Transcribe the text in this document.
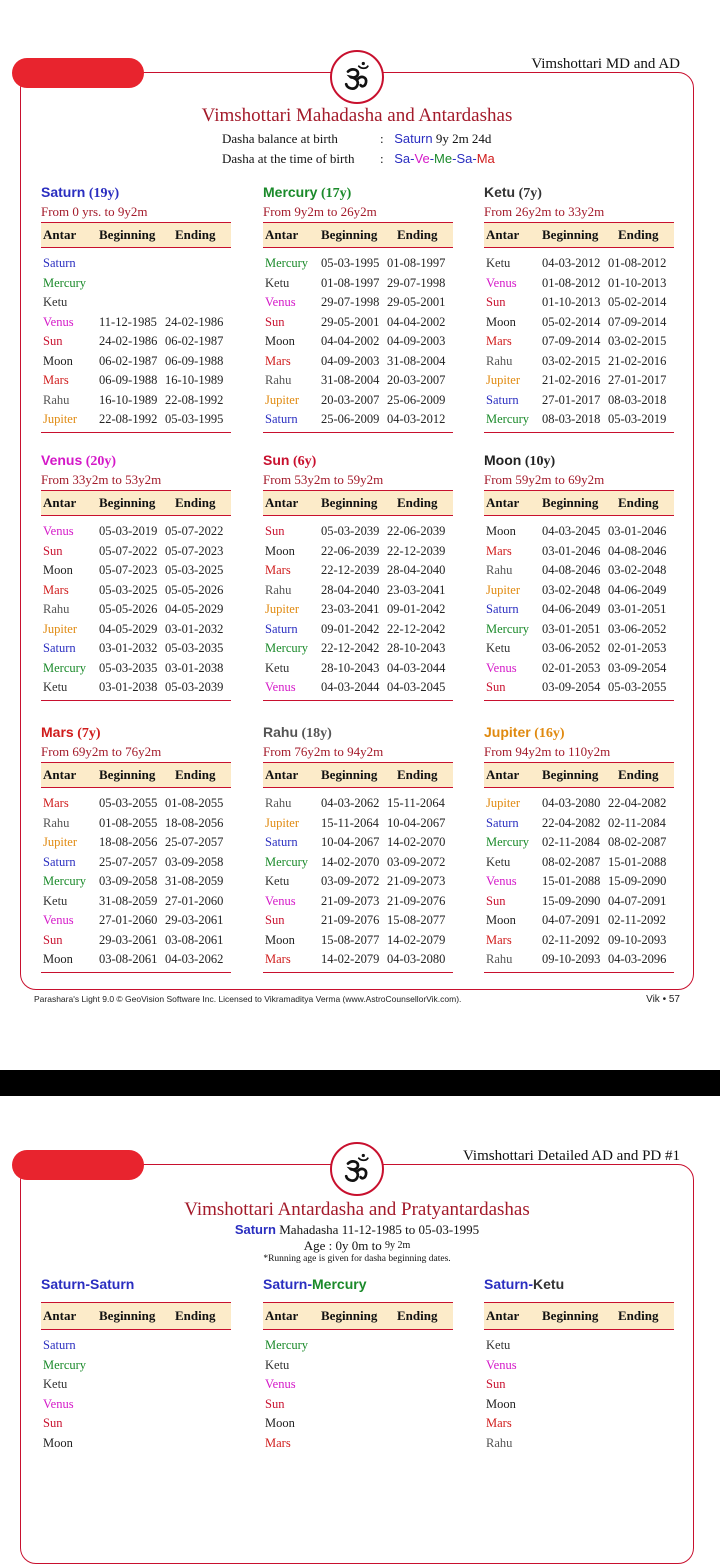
Vimshottari MD and AD
Vimshottari Mahadasha and Antardashas
Dasha balance at birth	: Saturn 9y 2m 24d
Dasha at the time of birth : Sa-Ve-Me-Sa-Ma
Saturn (19y)
From 0 yrs. to 9y2m
Antar	Beginning	Ending
Saturn
Mercury
Ketu
Venus	11-12-1985 24-02-1986
Sun	24-02-1986 06-02-1987
Moon	06-02-1987 06-09-1988
Mars	06-09-1988 16-10-1989
Rahu	16-10-1989 22-08-1992
Jupiter	22-08-1992 05-03-1995
Mercury (17y)
From 9y2m to 26y2m
Antar	Beginning	Ending
Mercury	05-03-1995 01-08-1997
Ketu	01-08-1997 29-07-1998
Venus	29-07-1998 29-05-2001
Sun	29-05-2001 04-04-2002
Moon	04-04-2002 04-09-2003
Mars	04-09-2003 31-08-2004
Rahu	31-08-2004 20-03-2007
Jupiter	20-03-2007 25-06-2009
Saturn	25-06-2009 04-03-2012
Ketu (7y)
From 26y2m to 33y2m
Antar	Beginning	Ending
Ketu	04-03-2012 01-08-2012
Venus	01-08-2012 01-10-2013
Sun	01-10-2013 05-02-2014
Moon	05-02-2014 07-09-2014
Mars	07-09-2014 03-02-2015
Rahu	03-02-2015 21-02-2016
Jupiter	21-02-2016 27-01-2017
Saturn	27-01-2017 08-03-2018
Mercury	08-03-2018 05-03-2019
Venus (20y)
From 33y2m to 53y2m
Antar	Beginning	Ending
Venus	05-03-2019 05-07-2022
Sun	05-07-2022 05-07-2023
Moon	05-07-2023 05-03-2025
Mars	05-03-2025 05-05-2026
Rahu	05-05-2026 04-05-2029
Jupiter	04-05-2029 03-01-2032
Saturn	03-01-2032 05-03-2035
Mercury	05-03-2035 03-01-2038
Ketu	03-01-2038 05-03-2039
Sun (6y)
From 53y2m to 59y2m
Antar	Beginning	Ending
Sun	05-03-2039 22-06-2039
Moon	22-06-2039 22-12-2039
Mars	22-12-2039 28-04-2040
Rahu	28-04-2040 23-03-2041
Jupiter	23-03-2041 09-01-2042
Saturn	09-01-2042 22-12-2042
Mercury	22-12-2042 28-10-2043
Ketu	28-10-2043 04-03-2044
Venus	04-03-2044 04-03-2045
Moon (10y)
From 59y2m to 69y2m
Antar	Beginning	Ending
Moon	04-03-2045 03-01-2046
Mars	03-01-2046 04-08-2046
Rahu	04-08-2046 03-02-2048
Jupiter	03-02-2048 04-06-2049
Saturn	04-06-2049 03-01-2051
Mercury	03-01-2051 03-06-2052
Ketu	03-06-2052 02-01-2053
Venus	02-01-2053 03-09-2054
Sun	03-09-2054 05-03-2055
Mars (7y)
From 69y2m to 76y2m
Antar	Beginning	Ending
Mars	05-03-2055 01-08-2055
Rahu	01-08-2055 18-08-2056
Jupiter	18-08-2056 25-07-2057
Saturn	25-07-2057 03-09-2058
Mercury	03-09-2058 31-08-2059
Ketu	31-08-2059 27-01-2060
Venus	27-01-2060 29-03-2061
Sun	29-03-2061 03-08-2061
Moon	03-08-2061 04-03-2062
Rahu (18y)
From 76y2m to 94y2m
Antar	Beginning	Ending
Rahu	04-03-2062 15-11-2064
Jupiter	15-11-2064 10-04-2067
Saturn	10-04-2067 14-02-2070
Mercury	14-02-2070 03-09-2072
Ketu	03-09-2072 21-09-2073
Venus	21-09-2073 21-09-2076
Sun	21-09-2076 15-08-2077
Moon	15-08-2077 14-02-2079
Mars	14-02-2079 04-03-2080
Jupiter (16y)
From 94y2m to 110y2m
Antar	Beginning	Ending
Jupiter	04-03-2080 22-04-2082
Saturn	22-04-2082 02-11-2084
Mercury	02-11-2084 08-02-2087
Ketu	08-02-2087 15-01-2088
Venus	15-01-2088 15-09-2090
Sun	15-09-2090 04-07-2091
Moon	04-07-2091 02-11-2092
Mars	02-11-2092 09-10-2093
Rahu	09-10-2093 04-03-2096
Parashara's Light 9.0 © GeoVision Software Inc. Licensed to Vikramaditya Verma (www.AstroCounsellorVik.com).	Vik • 57
Vimshottari Detailed AD and PD #1
Vimshottari Antardasha and Pratyantardashas
Saturn Mahadasha 11-12-1985 to 05-03-1995
Age : 0y 0m to $^{9y 2m}$
*Running age is given for dasha beginning dates.
Saturn-Saturn
Antar	Beginning	Ending
Saturn
Mercury
Ketu
Venus
Sun
Moon
Saturn-Mercury
Antar	Beginning	Ending
Mercury
Ketu
Venus
Sun
Moon
Mars
Saturn-Ketu
Antar	Beginning	Ending
Ketu
Venus
Sun
Moon
Mars
Rahu
